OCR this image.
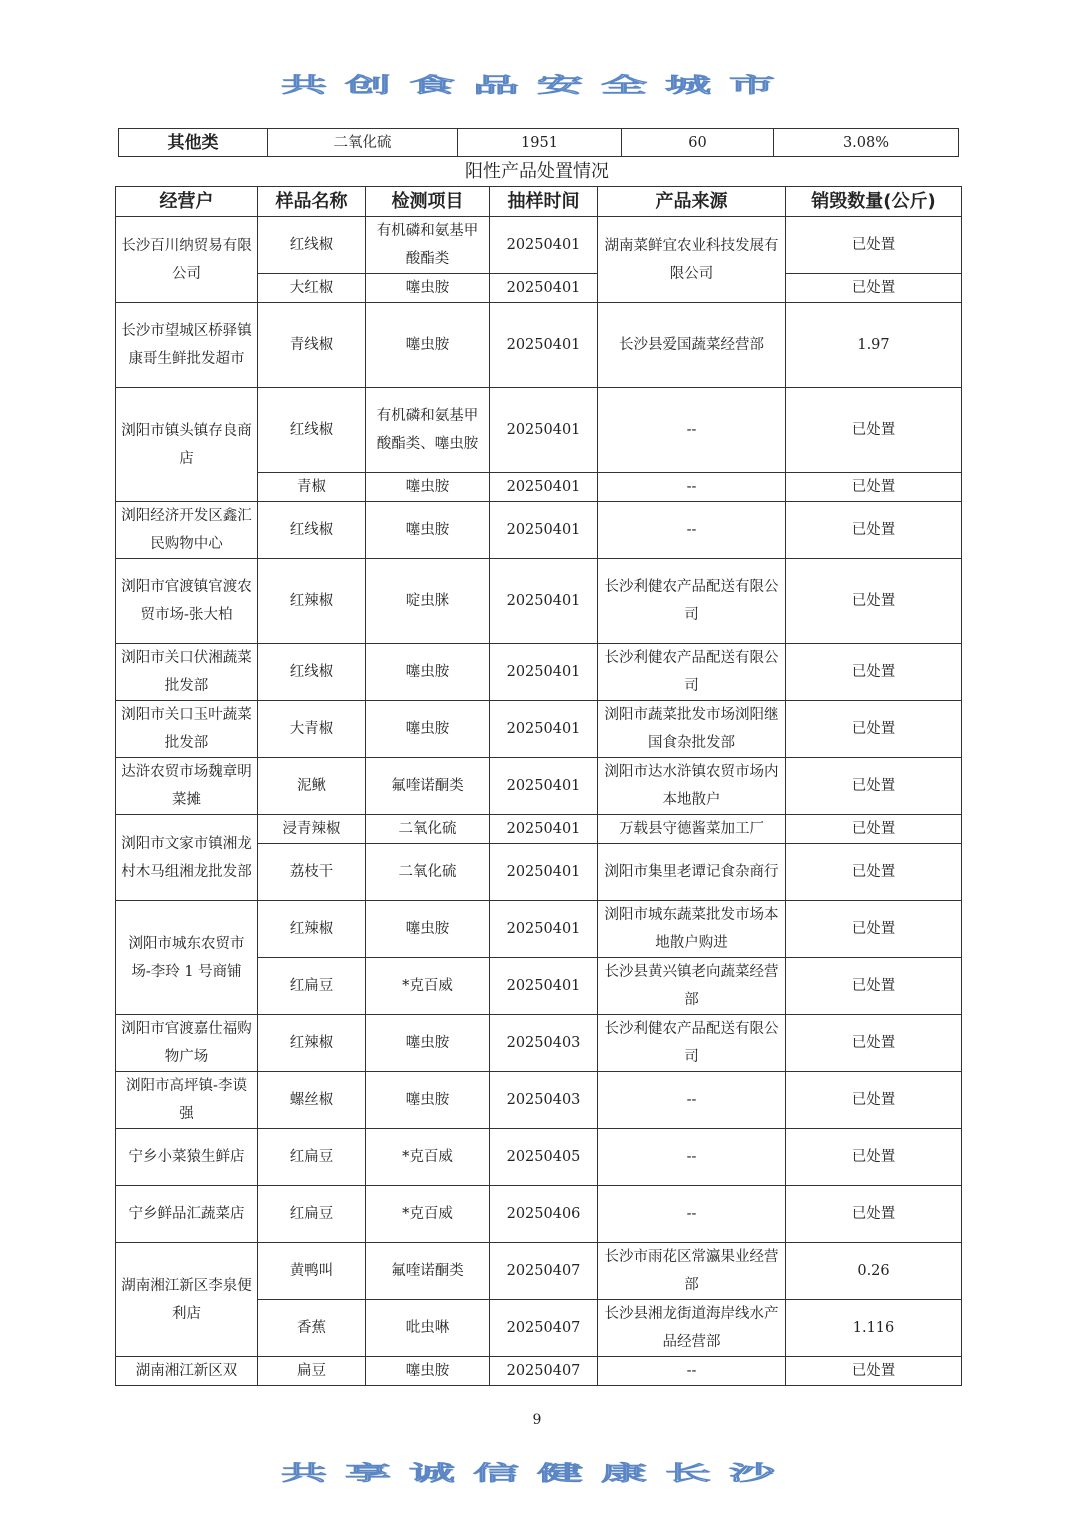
共创食品安全城市
其他类	二氧化硫	1951	60	3.08%
阳性产品处置情况
经营户	样品名称	检测项目	抽样时间	产品来源	销毁数量(公斤)
长沙百川纳贸易有限公司	红线椒	有机磷和氨基甲酸酯类	20250401	湖南菜鲜宜农业科技发展有限公司	已处置
	大红椒	噻虫胺	20250401		已处置
长沙市望城区桥驿镇康哥生鲜批发超市	青线椒	噻虫胺	20250401	长沙县爱国蔬菜经营部	1.97
浏阳市镇头镇存良商店	红线椒	有机磷和氨基甲酸酯类、噻虫胺	20250401	--	已处置
	青椒	噻虫胺	20250401	--	已处置
浏阳经济开发区鑫汇民购物中心	红线椒	噻虫胺	20250401	--	已处置
浏阳市官渡镇官渡农贸市场-张大柏	红辣椒	啶虫脒	20250401	长沙利健农产品配送有限公司	已处置
浏阳市关口伏湘蔬菜批发部	红线椒	噻虫胺	20250401	长沙利健农产品配送有限公司	已处置
浏阳市关口玉叶蔬菜批发部	大青椒	噻虫胺	20250401	浏阳市蔬菜批发市场浏阳继国食杂批发部	已处置
达浒农贸市场魏章明菜摊	泥鳅	氟喹诺酮类	20250401	浏阳市达水浒镇农贸市场内本地散户	已处置
浏阳市文家市镇湘龙村木马组湘龙批发部	浸青辣椒	二氧化硫	20250401	万载县守德酱菜加工厂	已处置
	荔枝干	二氧化硫	20250401	浏阳市集里老谭记食杂商行	已处置
浏阳市城东农贸市场-李玲 1 号商铺	红辣椒	噻虫胺	20250401	浏阳市城东蔬菜批发市场本地散户购进	已处置
	红扁豆	*克百威	20250401	长沙县黄兴镇老向蔬菜经营部	已处置
浏阳市官渡嘉仕福购物广场	红辣椒	噻虫胺	20250403	长沙利健农产品配送有限公司	已处置
浏阳市高坪镇-李谟强	螺丝椒	噻虫胺	20250403	--	已处置
宁乡小菜猿生鲜店	红扁豆	*克百威	20250405	--	已处置
宁乡鲜品汇蔬菜店	红扁豆	*克百威	20250406	--	已处置
湖南湘江新区李泉便利店	黄鸭叫	氟喹诺酮类	20250407	长沙市雨花区常瀛果业经营部	0.26
	香蕉	吡虫啉	20250407	长沙县湘龙街道海岸线水产品经营部	1.116
湖南湘江新区双	扁豆	噻虫胺	20250407	--	已处置
9
共享诚信健康长沙
